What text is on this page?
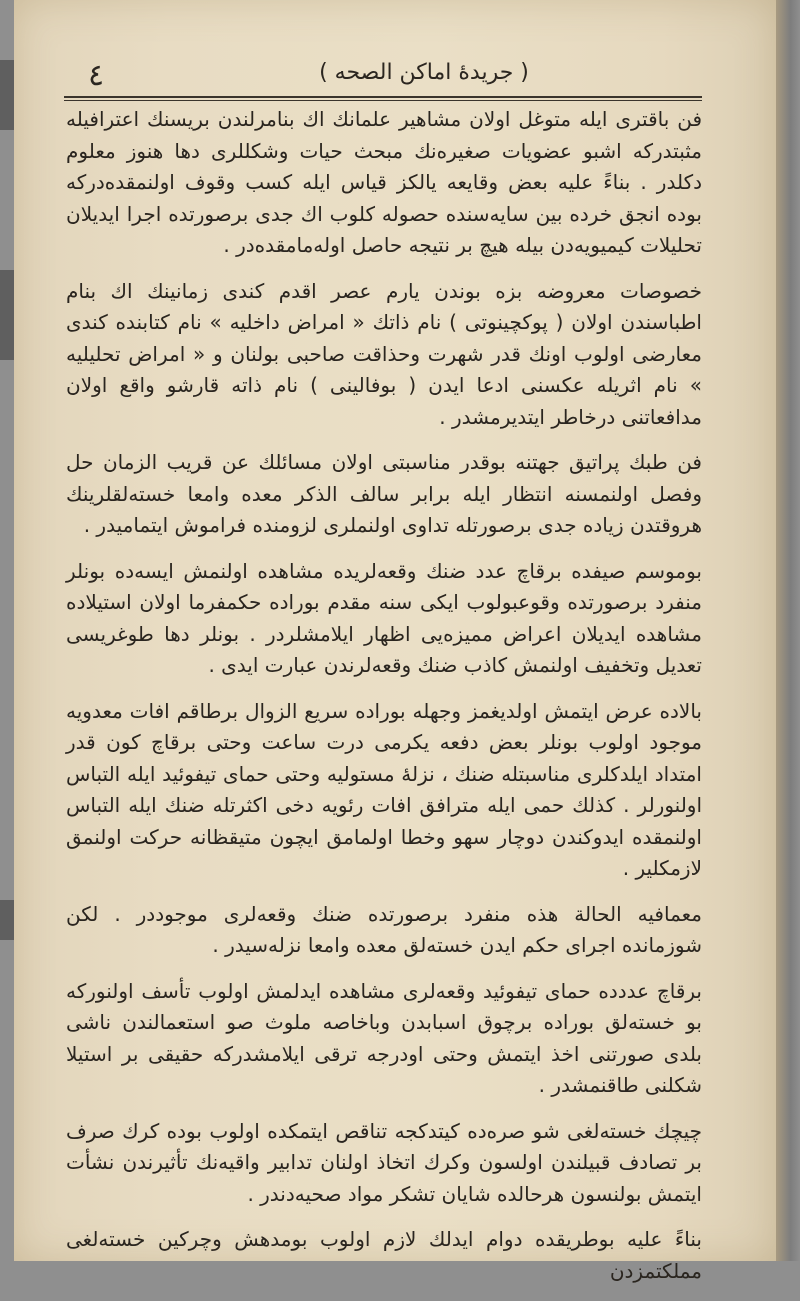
٤	( جريدهٔ اماكن الصحه )

فن باقتری ایله متوغل اولان مشاهیر علمانك اك بنامرلندن بریسنك اعترافیله مثبتدرکه اشبو عضویات صغیره‌نك مبحث حیات وشکللری دها هنوز معلوم دکلدر . بناءً علیه بعض وقایعه یالکز قیاس ایله کسب وقوف اولنمقده‌درکه بوده انجق خرده بین سایه‌سنده حصوله کلوب اك جدی برصورتده اجرا ایدیلان تحلیلات کیمیویه‌دن بیله هیچ بر نتیجه حاصل اوله‌مامقده‌در .

خصوصات معروضه بزه بوندن یارم عصر اقدم کندی زمانینك اك بنام اطباسندن اولان ( پوکچینوتی ) نام ذاتك « امراض داخلیه » نام کتابنده کندی معارضی اولوب اونك قدر شهرت وحذاقت صاحبی بولنان و « امراض تحلیلیه » نام اثریله عکسنی ادعا ایدن ( بوفالینی ) نام ذاته قارشو واقع اولان مدافعاتنی درخاطر ایتدیرمشدر .

فن طبك پراتیق جهتنه بوقدر مناسبتی اولان مسائلك عن قریب الزمان حل وفصل اولنمسنه انتظار ایله برابر سالف الذکر معده وامعا خسته‌لقلرینك هروقتدن زیاده جدی برصورتله تداوی اولنملری لزومنده فراموش ایتمامیدر .

بوموسم صیفده برقاچ عدد ضنك وقعه‌لریده مشاهده اولنمش ایسه‌ده بونلر منفرد برصورتده وقوعبولوب ایکی سنه مقدم بوراده حکمفرما اولان استیلاده مشاهده ایدیلان اعراض ممیزه‌یی اظهار ایلامشلردر . بونلر دها طوغریسی تعدیل وتخفیف اولنمش کاذب ضنك وقعه‌لرندن عبارت ایدی .

بالاده عرض ایتمش اولدیغمز وجهله بوراده سریع الزوال برطاقم افات معدویه موجود اولوب بونلر بعض دفعه یکرمی درت ساعت وحتی برقاچ کون قدر امتداد ایلدکلری مناسبتله ضنك ، نزلهٔ مستولیه وحتی حمای تیفوئید ایله التباس اولنورلر . کذلك حمی ایله مترافق افات رئویه دخی اکثرتله ضنك ایله التباس اولنمقده ایدوکندن دوچار سهو وخطا اولمامق ایچون متیقظانه حرکت اولنمق لازمکلیر .

معمافیه الحالة هذه منفرد برصورتده ضنك وقعه‌لری موجوددر . لکن شوزمانده اجرای حکم ایدن خسته‌لق معده وامعا نزله‌سیدر .

برقاچ عددده حمای تیفوئید وقعه‌لری مشاهده ایدلمش اولوب تأسف اولنورکه بو خسته‌لق بوراده برچوق اسبابدن وباخاصه ملوث صو استعمالندن ناشی بلدی صورتنی اخذ ایتمش وحتی اودرجه ترقی ایلامشدرکه حقیقی بر استیلا شکلنی طاقنمشدر .

چیچك خسته‌لغی شو صره‌ده کیتدکجه تناقص ایتمکده اولوب بوده کرك صرف بر تصادف قبیلندن اولسون وکرك اتخاذ اولنان تدابیر واقیه‌نك تأثیرندن نشأت ایتمش بولنسون هرحالده شایان تشکر مواد صحیه‌دندر .

بناءً علیه بوطریقده دوام ایدلك لازم اولوب بومدهش وچرکین خسته‌لغی مملکتمزدن
